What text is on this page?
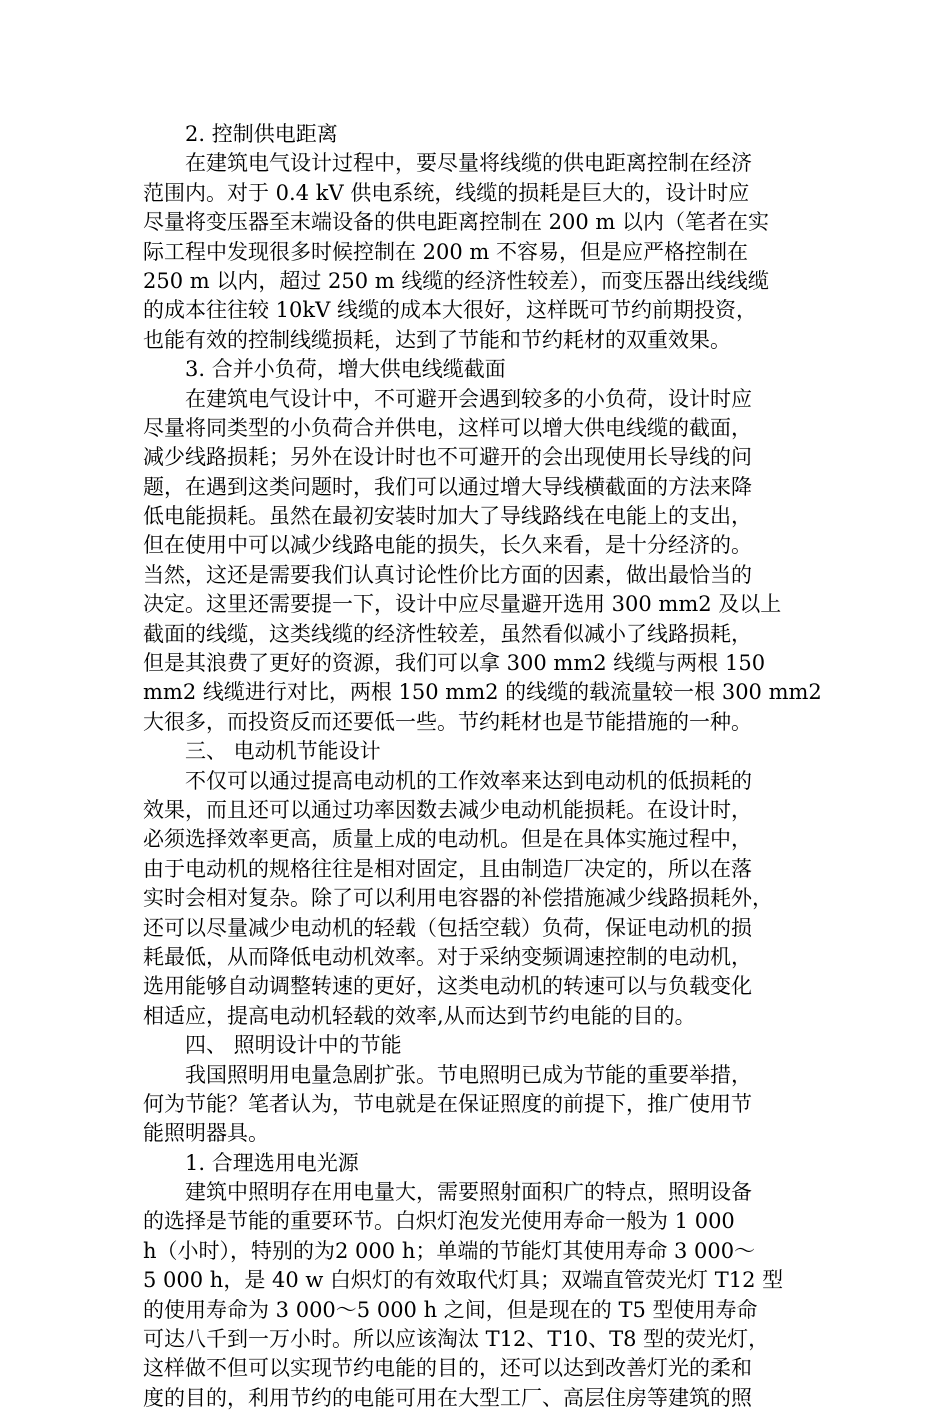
2. 控制供电距离
在建筑电气设计过程中，要尽量将线缆的供电距离控制在经济
范围内。对于 0.4 kV 供电系统，线缆的损耗是巨大的，设计时应
尽量将变压器至末端设备的供电距离控制在 200 m 以内（笔者在实
际工程中发现很多时候控制在 200 m 不容易，但是应严格控制在
250 m 以内，超过 250 m 线缆的经济性较差），而变压器出线线缆
的成本往往较 10kV 线缆的成本大很好，这样既可节约前期投资，
也能有效的控制线缆损耗，达到了节能和节约耗材的双重效果。
3. 合并小负荷，增大供电线缆截面
在建筑电气设计中，不可避开会遇到较多的小负荷，设计时应
尽量将同类型的小负荷合并供电，这样可以增大供电线缆的截面，
减少线路损耗；另外在设计时也不可避开的会出现使用长导线的问
题，在遇到这类问题时，我们可以通过增大导线横截面的方法来降
低电能损耗。虽然在最初安装时加大了导线路线在电能上的支出，
但在使用中可以减少线路电能的损失，长久来看，是十分经济的。
当然，这还是需要我们认真讨论性价比方面的因素，做出最恰当的
决定。这里还需要提一下，设计中应尽量避开选用 300 mm2 及以上
截面的线缆，这类线缆的经济性较差，虽然看似减小了线路损耗，
但是其浪费了更好的资源，我们可以拿 300 mm2 线缆与两根 150
mm2 线缆进行对比，两根 150 mm2 的线缆的载流量较一根 300 mm2
大很多，而投资反而还要低一些。节约耗材也是节能措施的一种。
三、 电动机节能设计
不仅可以通过提高电动机的工作效率来达到电动机的低损耗的
效果，而且还可以通过功率因数去减少电动机能损耗。在设计时，
必须选择效率更高，质量上成的电动机。但是在具体实施过程中，
由于电动机的规格往往是相对固定，且由制造厂决定的，所以在落
实时会相对复杂。除了可以利用电容器的补偿措施减少线路损耗外，
还可以尽量减少电动机的轻载（包括空载）负荷，保证电动机的损
耗最低，从而降低电动机效率。对于采纳变频调速控制的电动机，
选用能够自动调整转速的更好，这类电动机的转速可以与负载变化
相适应，提高电动机轻载的效率,从而达到节约电能的目的。
四、 照明设计中的节能
我国照明用电量急剧扩张。节电照明已成为节能的重要举措，
何为节能？笔者认为，节电就是在保证照度的前提下，推广使用节
能照明器具。
1. 合理选用电光源
建筑中照明存在用电量大，需要照射面积广的特点，照明设备
的选择是节能的重要环节。白炽灯泡发光使用寿命一般为 1 000
h（小时），特别的为2 000 h；单端的节能灯其使用寿命 3 000～
5 000 h，是 40 w 白炽灯的有效取代灯具；双端直管荧光灯 T12 型
的使用寿命为 3 000～5 000 h 之间，但是现在的 T5 型使用寿命
可达八千到一万小时。所以应该淘汰 T12、T10、T8 型的荧光灯，
这样做不但可以实现节约电能的目的，还可以达到改善灯光的柔和
度的目的，利用节约的电能可用在大型工厂、高层住房等建筑的照
